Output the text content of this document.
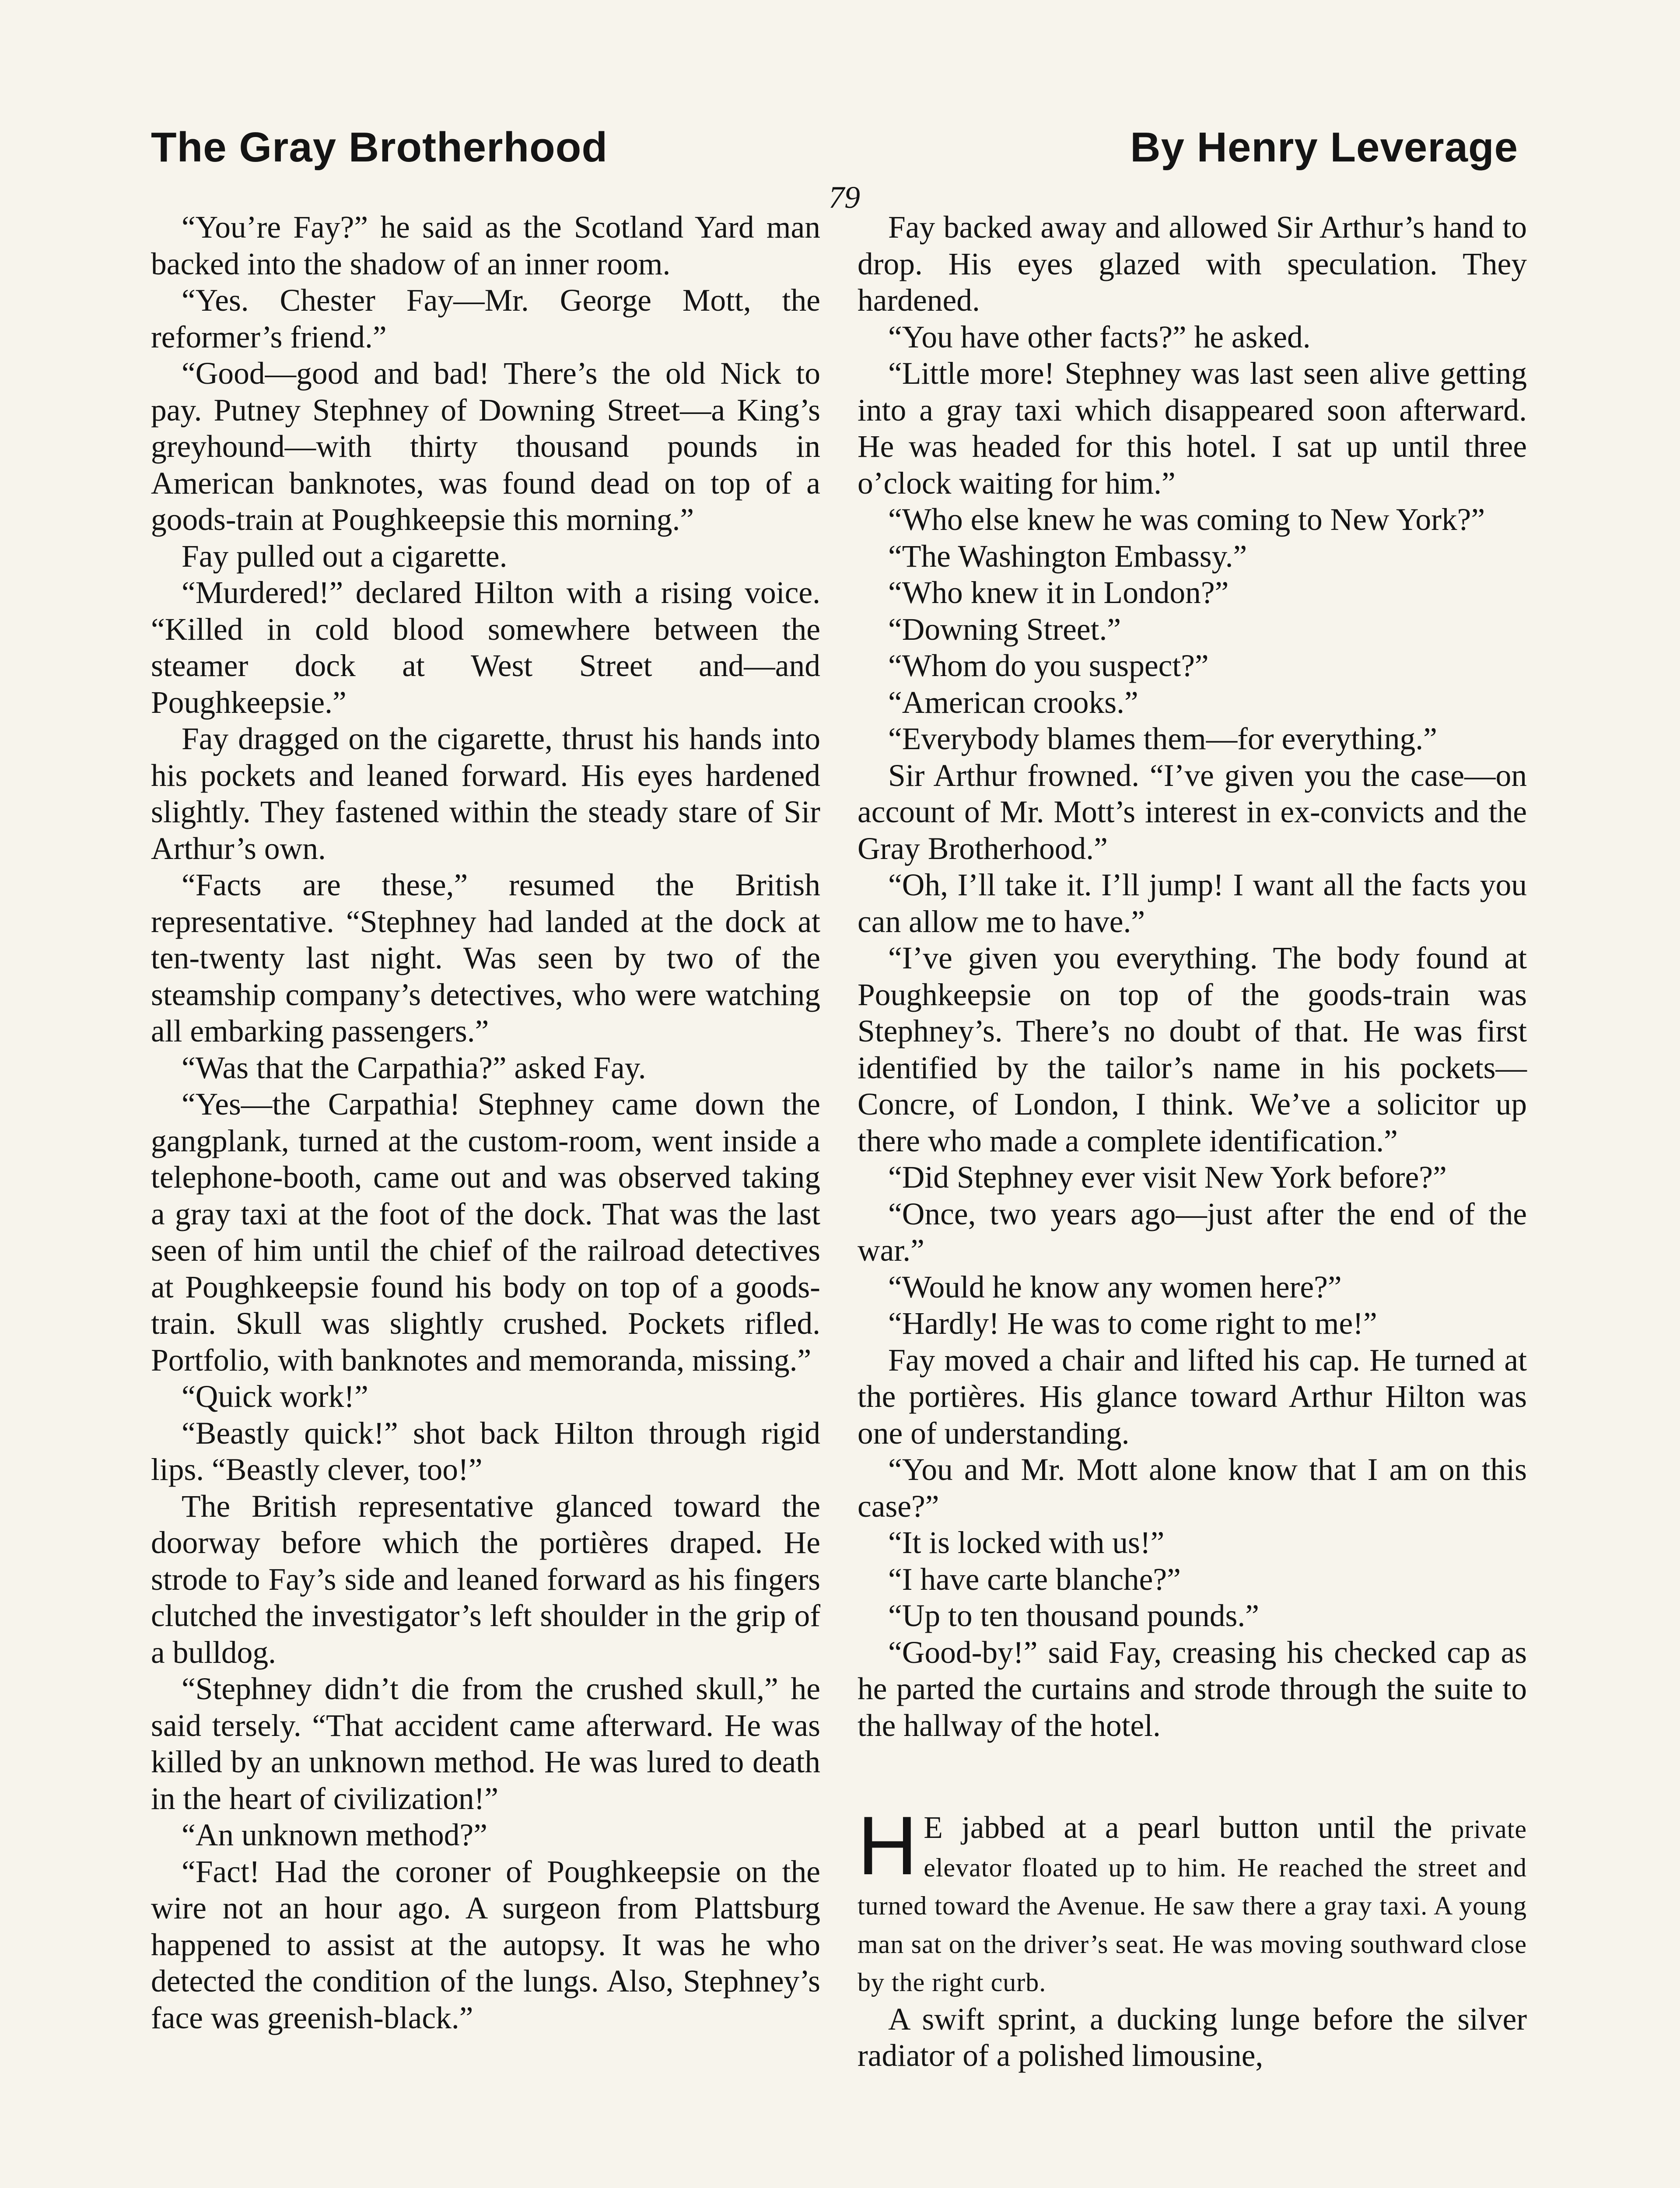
The Gray Brotherhood	By Henry Leverage
79

“You’re Fay?” he said as the Scotland Yard man backed into the shadow of an inner room.

“Yes. Chester Fay—Mr. George Mott, the reformer’s friend.”

“Good—good and bad! There’s the old Nick to pay. Putney Stephney of Downing Street—a King’s greyhound—with thirty thousand pounds in American banknotes, was found dead on top of a goods-train at Poughkeepsie this morning.”

Fay pulled out a cigarette.

“Murdered!” declared Hilton with a rising voice. “Killed in cold blood somewhere between the steamer dock at West Street and—and Poughkeepsie.”

Fay dragged on the cigarette, thrust his hands into his pockets and leaned forward. His eyes hardened slightly. They fastened within the steady stare of Sir Arthur’s own.

“Facts are these,” resumed the British representative. “Stephney had landed at the dock at ten-twenty last night. Was seen by two of the steamship company’s detectives, who were watching all embarking passengers.”

“Was that the Carpathia?” asked Fay.

“Yes—the Carpathia! Stephney came down the gangplank, turned at the custom-room, went inside a telephone-booth, came out and was observed taking a gray taxi at the foot of the dock. That was the last seen of him until the chief of the railroad detectives at Poughkeepsie found his body on top of a goods-train. Skull was slightly crushed. Pockets rifled. Portfolio, with banknotes and memoranda, missing.”

“Quick work!”

“Beastly quick!” shot back Hilton through rigid lips. “Beastly clever, too!”

The British representative glanced toward the doorway before which the portières draped. He strode to Fay’s side and leaned forward as his fingers clutched the investigator’s left shoulder in the grip of a bulldog.

“Stephney didn’t die from the crushed skull,” he said tersely. “That accident came afterward. He was killed by an unknown method. He was lured to death in the heart of civilization!”

“An unknown method?”

“Fact! Had the coroner of Poughkeepsie on the wire not an hour ago. A surgeon from Plattsburg happened to assist at the autopsy. It was he who detected the condition of the lungs. Also, Stephney’s face was greenish-black.”

Fay backed away and allowed Sir Arthur’s hand to drop. His eyes glazed with speculation. They hardened.

“You have other facts?” he asked.

“Little more! Stephney was last seen alive getting into a gray taxi which disappeared soon afterward. He was headed for this hotel. I sat up until three o’clock waiting for him.”

“Who else knew he was coming to New York?”

“The Washington Embassy.”

“Who knew it in London?”

“Downing Street.”

“Whom do you suspect?”

“American crooks.”

“Everybody blames them—for everything.”

Sir Arthur frowned. “I’ve given you the case—on account of Mr. Mott’s interest in ex-convicts and the Gray Brotherhood.”

“Oh, I’ll take it. I’ll jump! I want all the facts you can allow me to have.”

“I’ve given you everything. The body found at Poughkeepsie on top of the goods-train was Stephney’s. There’s no doubt of that. He was first identified by the tailor’s name in his pockets—Concre, of London, I think. We’ve a solicitor up there who made a complete identification.”

“Did Stephney ever visit New York before?”

“Once, two years ago—just after the end of the war.”

“Would he know any women here?”

“Hardly! He was to come right to me!”

Fay moved a chair and lifted his cap. He turned at the portières. His glance toward Arthur Hilton was one of understanding.

“You and Mr. Mott alone know that I am on this case?”

“It is locked with us!”

“I have carte blanche?”

“Up to ten thousand pounds.”

“Good-by!” said Fay, creasing his checked cap as he parted the curtains and strode through the suite to the hallway of the hotel.

H E jabbed at a pearl button until the private elevator floated up to him. He reached the street and turned toward the Avenue. He saw there a gray taxi. A young man sat on the driver’s seat. He was moving southward close by the right curb.

A swift sprint, a ducking lunge before the silver radiator of a polished limousine,
